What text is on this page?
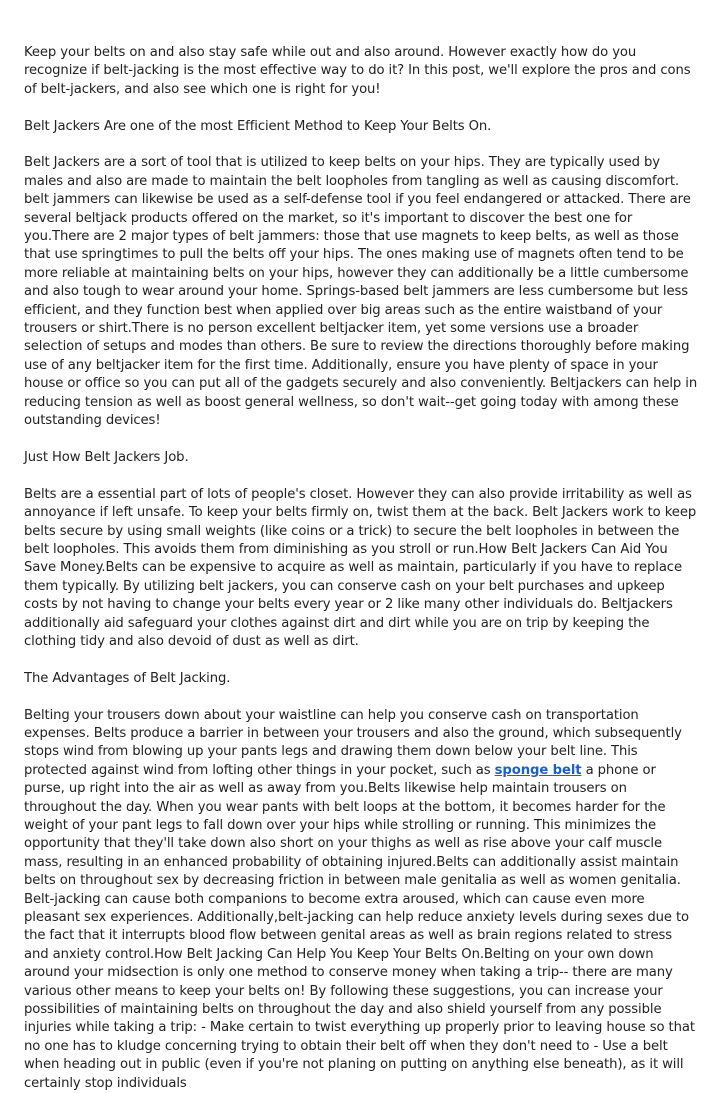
Keep your belts on and also stay safe while out and also around. However exactly how do you recognize if belt-jacking is the most effective way to do it? In this post, we'll explore the pros and cons of belt-jackers, and also see which one is right for you!

Belt Jackers Are one of the most Efficient Method to Keep Your Belts On.

Belt Jackers are a sort of tool that is utilized to keep belts on your hips. They are typically used by males and also are made to maintain the belt loopholes from tangling as well as causing discomfort. belt jammers can likewise be used as a self-defense tool if you feel endangered or attacked. There are several beltjack products offered on the market, so it's important to discover the best one for you.There are 2 major types of belt jammers: those that use magnets to keep belts, as well as those that use springtimes to pull the belts off your hips. The ones making use of magnets often tend to be more reliable at maintaining belts on your hips, however they can additionally be a little cumbersome and also tough to wear around your home. Springs-based belt jammers are less cumbersome but less efficient, and they function best when applied over big areas such as the entire waistband of your trousers or shirt.There is no person excellent beltjacker item, yet some versions use a broader selection of setups and modes than others. Be sure to review the directions thoroughly before making use of any beltjacker item for the first time. Additionally, ensure you have plenty of space in your house or office so you can put all of the gadgets securely and also conveniently. Beltjackers can help in reducing tension as well as boost general wellness, so don't wait--get going today with among these outstanding devices!

Just How Belt Jackers Job.

Belts are a essential part of lots of people's closet. However they can also provide irritability as well as annoyance if left unsafe. To keep your belts firmly on, twist them at the back. Belt Jackers work to keep belts secure by using small weights (like coins or a trick) to secure the belt loopholes in between the belt loopholes. This avoids them from diminishing as you stroll or run.How Belt Jackers Can Aid You Save Money.Belts can be expensive to acquire as well as maintain, particularly if you have to replace them typically. By utilizing belt jackers, you can conserve cash on your belt purchases and upkeep costs by not having to change your belts every year or 2 like many other individuals do. Beltjackers additionally aid safeguard your clothes against dirt and dirt while you are on trip by keeping the clothing tidy and also devoid of dust as well as dirt.

The Advantages of Belt Jacking.

Belting your trousers down about your waistline can help you conserve cash on transportation expenses. Belts produce a barrier in between your trousers and also the ground, which subsequently stops wind from blowing up your pants legs and drawing them down below your belt line. This protected against wind from lofting other things in your pocket, such as sponge belt a phone or purse, up right into the air as well as away from you.Belts likewise help maintain trousers on throughout the day. When you wear pants with belt loops at the bottom, it becomes harder for the weight of your pant legs to fall down over your hips while strolling or running. This minimizes the opportunity that they'll take down also short on your thighs as well as rise above your calf muscle mass, resulting in an enhanced probability of obtaining injured.Belts can additionally assist maintain belts on throughout sex by decreasing friction in between male genitalia as well as women genitalia. Belt-jacking can cause both companions to become extra aroused, which can cause even more pleasant sex experiences. Additionally,belt-jacking can help reduce anxiety levels during sexes due to the fact that it interrupts blood flow between genital areas as well as brain regions related to stress and anxiety control.How Belt Jacking Can Help You Keep Your Belts On.Belting on your own down around your midsection is only one method to conserve money when taking a trip-- there are many various other means to keep your belts on! By following these suggestions, you can increase your possibilities of maintaining belts on throughout the day and also shield yourself from any possible injuries while taking a trip: - Make certain to twist everything up properly prior to leaving house so that no one has to kludge concerning trying to obtain their belt off when they don't need to - Use a belt when heading out in public (even if you're not planing on putting on anything else beneath), as it will certainly stop individuals
